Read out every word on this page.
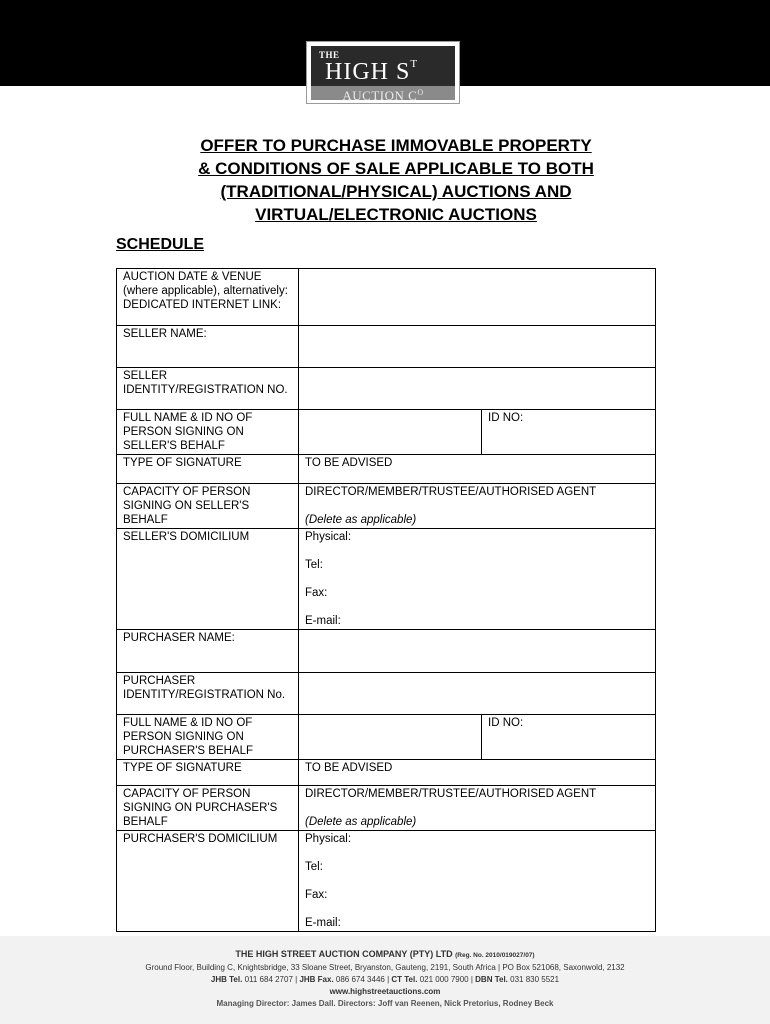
THE
HIGH $S^T$
AUCTION $C^O$
OFFER TO PURCHASE IMMOVABLE PROPERTY
& CONDITIONS OF SALE APPLICABLE TO BOTH
(TRADITIONAL/PHYSICAL) AUCTIONS AND
VIRTUAL/ELECTRONIC AUCTIONS
SCHEDULE
AUCTION DATE & VENUE (where applicable), alternatively: DEDICATED INTERNET LINK:		
SELLER NAME:		
SELLER IDENTITY/REGISTRATION NO.		
FULL NAME & ID NO OF PERSON SIGNING ON SELLER'S BEHALF		ID NO:
TYPE OF SIGNATURE	TO BE ADVISED	
CAPACITY OF PERSON SIGNING ON SELLER'S BEHALF	DIRECTOR/MEMBER/TRUSTEE/AUTHORISED AGENT
(Delete as applicable)	

SELLER'S DOMICILIUM	Physical:
Tel:
Fax:
E-mail:	

PURCHASER NAME:		
PURCHASER IDENTITY/REGISTRATION No.		
FULL NAME & ID NO OF PERSON SIGNING ON PURCHASER'S BEHALF		ID NO:
TYPE OF SIGNATURE	TO BE ADVISED	
CAPACITY OF PERSON SIGNING ON PURCHASER'S BEHALF	DIRECTOR/MEMBER/TRUSTEE/AUTHORISED AGENT
(Delete as applicable)	

PURCHASER'S DOMICILIUM	Physical:
Tel:
Fax:
E-mail:	
THE HIGH STREET AUCTION COMPANY (PTY) LTD (Reg. No. 2010/019027/07)
Ground Floor, Building C, Knightsbridge, 33 Sloane Street, Bryanston, Gauteng, 2191, South Africa | PO Box 521068, Saxonwold, 2132
JHB Tel. 011 684 2707 | JHB Fax. 086 674 3446 | CT Tel. 021 000 7900 | DBN Tel. 031 830 5521
www.highstreetauctions.com
Managing Director: James Dall. Directors: Joff van Reenen, Nick Pretorius, Rodney Beck
